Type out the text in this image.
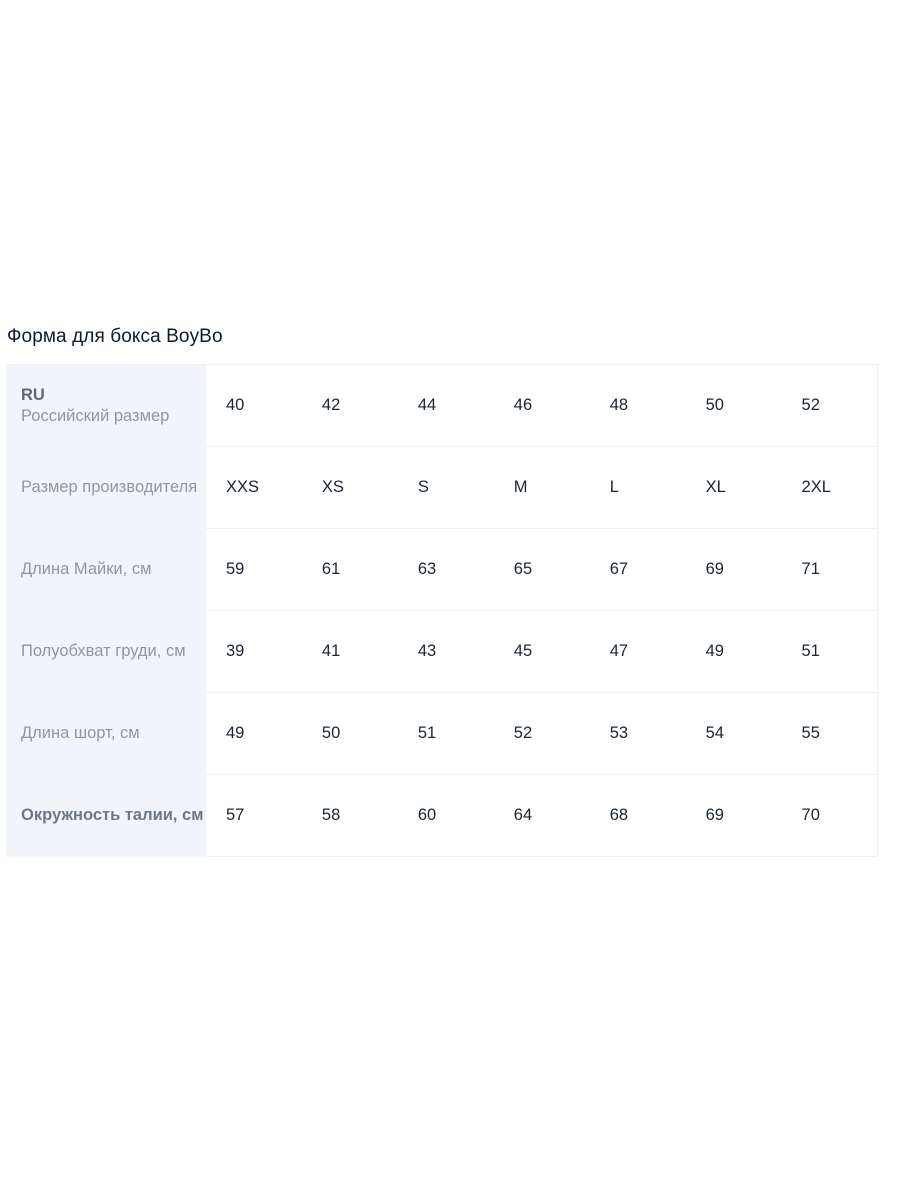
Форма для бокса BoyBo
RU
Российский размер	40	42	44	46	48	50	52
Размер производителя	XXS	XS	S	M	L	XL	2XL
Длина Майки, см	59	61	63	65	67	69	71
Полуобхват груди, см	39	41	43	45	47	49	51
Длина шорт, см	49	50	51	52	53	54	55
Окружность талии, см	57	58	60	64	68	69	70
